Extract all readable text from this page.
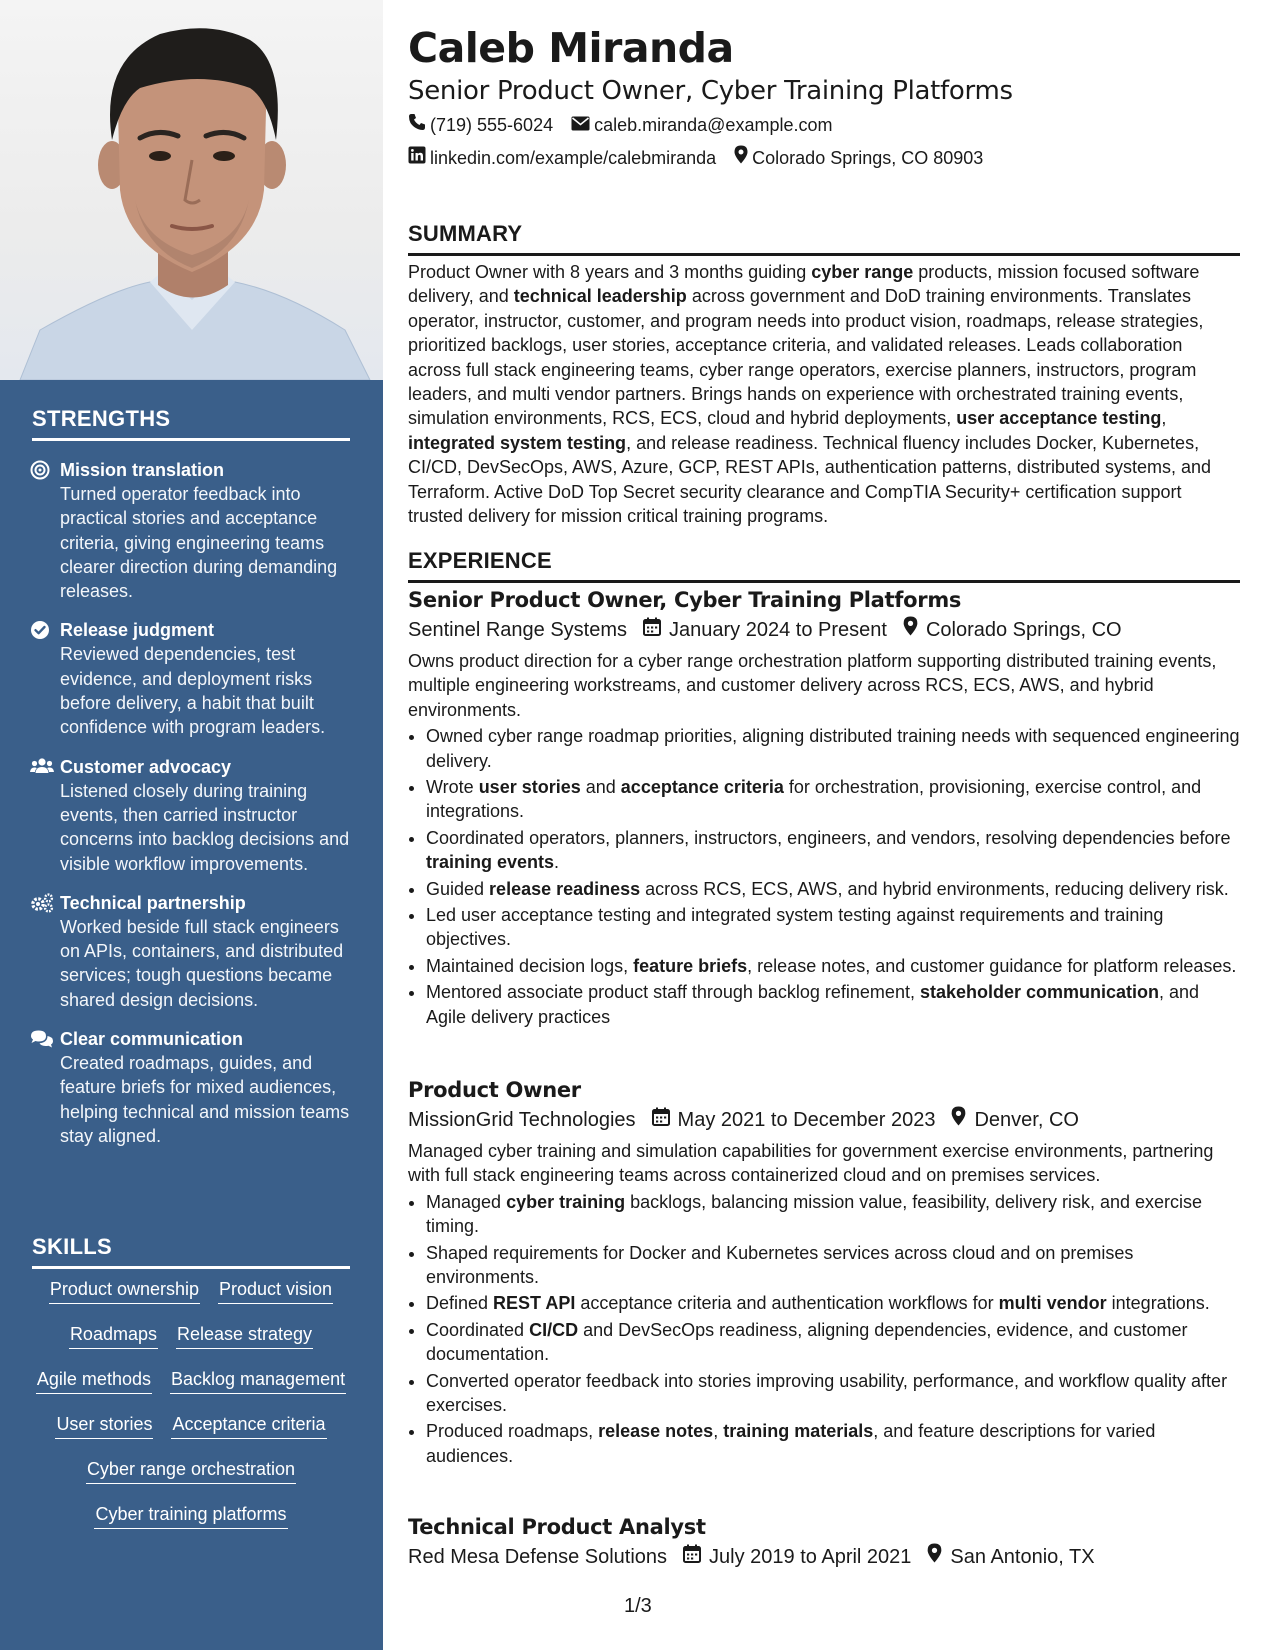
STRENGTHS
Mission translation
Turned operator feedback into practical stories and acceptance criteria, giving engineering teams clearer direction during demanding releases.
Release judgment
Reviewed dependencies, test evidence, and deployment risks before delivery, a habit that built confidence with program leaders.
Customer advocacy
Listened closely during training events, then carried instructor concerns into backlog decisions and visible workflow improvements.
Technical partnership
Worked beside full stack engineers on APIs, containers, and distributed services; tough questions became shared design decisions.
Clear communication
Created roadmaps, guides, and feature briefs for mixed audiences, helping technical and mission teams stay aligned.
SKILLS
Product ownership Product vision
Roadmaps Release strategy
Agile methods Backlog management
User stories Acceptance criteria
Cyber range orchestration
Cyber training platforms
Caleb Miranda
Senior Product Owner, Cyber Training Platforms
(719) 555-6024 caleb.miranda@example.com
linkedin.com/example/calebmiranda Colorado Springs, CO 80903
SUMMARY
Product Owner with 8 years and 3 months guiding cyber range products, mission focused software delivery, and technical leadership across government and DoD training environments. Translates operator, instructor, customer, and program needs into product vision, roadmaps, release strategies, prioritized backlogs, user stories, acceptance criteria, and validated releases. Leads collaboration across full stack engineering teams, cyber range operators, exercise planners, instructors, program leaders, and multi vendor partners. Brings hands on experience with orchestrated training events, simulation environments, RCS, ECS, cloud and hybrid deployments, user acceptance testing, integrated system testing, and release readiness. Technical fluency includes Docker, Kubernetes, CI/CD, DevSecOps, AWS, Azure, GCP, REST APIs, authentication patterns, distributed systems, and Terraform. Active DoD Top Secret security clearance and CompTIA Security+ certification support trusted delivery for mission critical training programs.
EXPERIENCE
Senior Product Owner, Cyber Training Platforms
Sentinel Range Systems January 2024 to Present Colorado Springs, CO
Owns product direction for a cyber range orchestration platform supporting distributed training events, multiple engineering workstreams, and customer delivery across RCS, ECS, AWS, and hybrid environments.
• Owned cyber range roadmap priorities, aligning distributed training needs with sequenced engineering delivery.
• Wrote user stories and acceptance criteria for orchestration, provisioning, exercise control, and integrations.
• Coordinated operators, planners, instructors, engineers, and vendors, resolving dependencies before training events.
• Guided release readiness across RCS, ECS, AWS, and hybrid environments, reducing delivery risk.
• Led user acceptance testing and integrated system testing against requirements and training objectives.
• Maintained decision logs, feature briefs, release notes, and customer guidance for platform releases.
• Mentored associate product staff through backlog refinement, stakeholder communication, and Agile delivery practices
Product Owner
MissionGrid Technologies May 2021 to December 2023 Denver, CO
Managed cyber training and simulation capabilities for government exercise environments, partnering with full stack engineering teams across containerized cloud and on premises services.
• Managed cyber training backlogs, balancing mission value, feasibility, delivery risk, and exercise timing.
• Shaped requirements for Docker and Kubernetes services across cloud and on premises environments.
• Defined REST API acceptance criteria and authentication workflows for multi vendor integrations.
• Coordinated CI/CD and DevSecOps readiness, aligning dependencies, evidence, and customer documentation.
• Converted operator feedback into stories improving usability, performance, and workflow quality after exercises.
• Produced roadmaps, release notes, training materials, and feature descriptions for varied audiences.
Technical Product Analyst
Red Mesa Defense Solutions July 2019 to April 2021 San Antonio, TX
1/3
